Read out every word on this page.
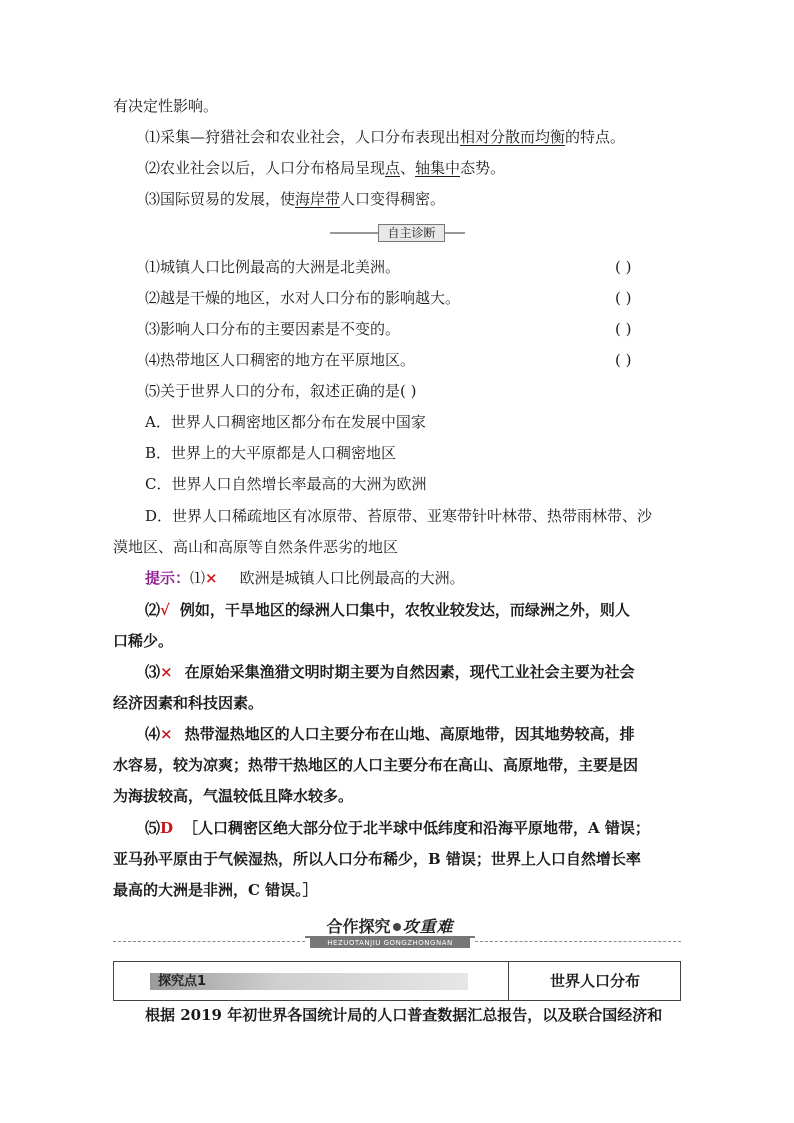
有决定性影响。
⑴采集—狩猎社会和农业社会，人口分布表现出相对分散而均衡的特点。
⑵农业社会以后，人口分布格局呈现点、轴集中态势。
⑶国际贸易的发展，使海岸带人口变得稠密。
自主诊断
⑴城镇人口比例最高的大洲是北美洲。	( )
⑵越是干燥的地区，水对人口分布的影响越大。	( )
⑶影响人口分布的主要因素是不变的。	( )
⑷热带地区人口稠密的地方在平原地区。	( )
⑸关于世界人口的分布，叙述正确的是( )
A．世界人口稠密地区都分布在发展中国家
B．世界上的大平原都是人口稠密地区
C．世界人口自然增长率最高的大洲为欧洲
D．世界人口稀疏地区有冰原带、苔原带、亚寒带针叶林带、热带雨林带、沙
漠地区、高山和高原等自然条件恶劣的地区
提示：⑴× 欧洲是城镇人口比例最高的大洲。
⑵√ 例如，干旱地区的绿洲人口集中，农牧业较发达，而绿洲之外，则人
口稀少。
⑶× 在原始采集渔猎文明时期主要为自然因素，现代工业社会主要为社会
经济因素和科技因素。
⑷× 热带湿热地区的人口主要分布在山地、高原地带，因其地势较高，排
水容易，较为凉爽；热带干热地区的人口主要分布在高山、高原地带，主要是因
为海拔较高，气温较低且降水较多。
⑸D ［人口稠密区绝大部分位于北半球中低纬度和沿海平原地带，A 错误；
亚马孙平原由于气候湿热，所以人口分布稀少，B 错误；世界上人口自然增长率
最高的大洲是非洲，C 错误。］
合作探究 攻重难
HEZUOTANJIU GONGZHONGNAN
探究点1	世界人口分布
根据 2019 年初世界各国统计局的人口普查数据汇总报告，以及联合国经济和
